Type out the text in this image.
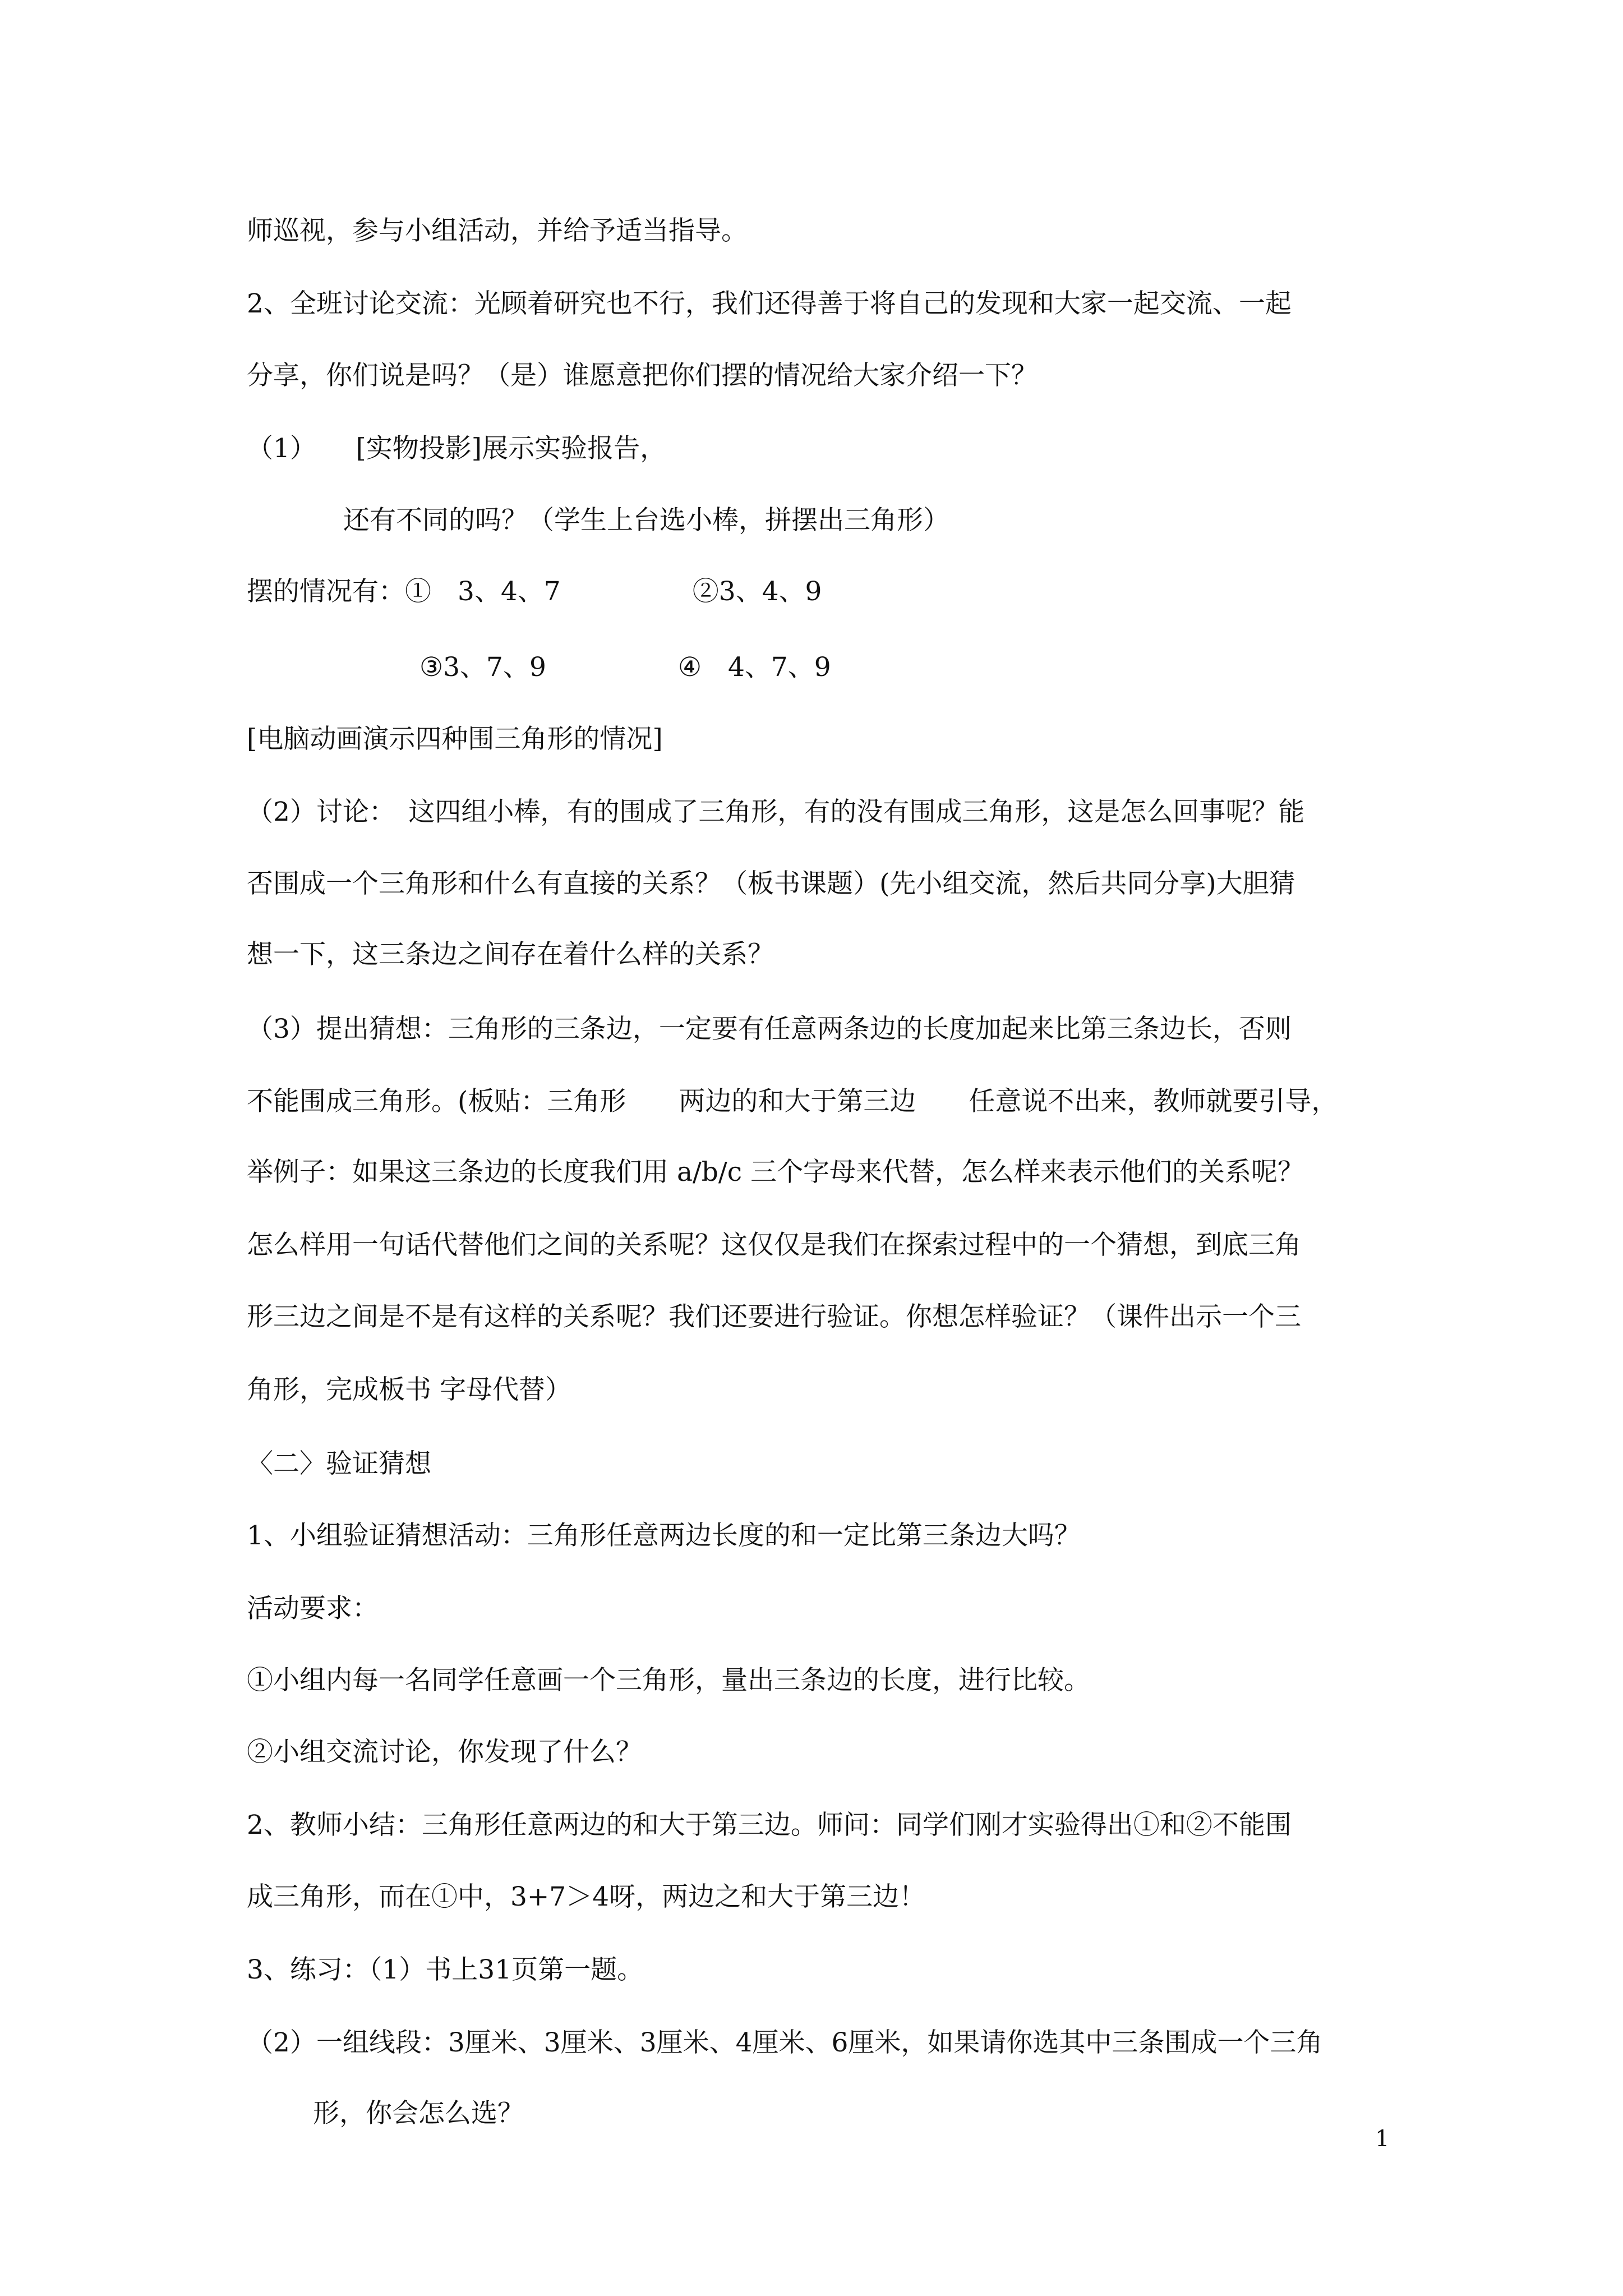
师巡视，参与小组活动，并给予适当指导。
2、全班讨论交流：光顾着研究也不行，我们还得善于将自己的发现和大家一起交流、一起
分享，你们说是吗？（是）谁愿意把你们摆的情况给大家介绍一下？
（1）　　[实物投影]展示实验报告，
还有不同的吗？（学生上台选小棒，拼摆出三角形）
摆的情况有：①　3、4、7　　　　　②3、4、9
③3、7、9　　　　　④　4、7、9
[电脑动画演示四种围三角形的情况]
（2）讨论：　这四组小棒，有的围成了三角形，有的没有围成三角形，这是怎么回事呢？能
否围成一个三角形和什么有直接的关系？（板书课题）(先小组交流，然后共同分享)大胆猜
想一下，这三条边之间存在着什么样的关系？
（3）提出猜想：三角形的三条边，一定要有任意两条边的长度加起来比第三条边长，否则
不能围成三角形。(板贴：三角形　　两边的和大于第三边　　任意说不出来，教师就要引导，
举例子：如果这三条边的长度我们用 a/b/c 三个字母来代替，怎么样来表示他们的关系呢？
怎么样用一句话代替他们之间的关系呢？这仅仅是我们在探索过程中的一个猜想，到底三角
形三边之间是不是有这样的关系呢？我们还要进行验证。你想怎样验证？（课件出示一个三
角形，完成板书 字母代替）
〈二〉验证猜想
1、小组验证猜想活动：三角形任意两边长度的和一定比第三条边大吗？
活动要求：
①小组内每一名同学任意画一个三角形，量出三条边的长度，进行比较。
②小组交流讨论，你发现了什么？
2、教师小结：三角形任意两边的和大于第三边。师问：同学们刚才实验得出①和②不能围
成三角形，而在①中，3+7＞4呀，两边之和大于第三边！
3、练习：（1）书上31页第一题。
（2）一组线段：3厘米、3厘米、3厘米、4厘米、6厘米，如果请你选其中三条围成一个三角
形，你会怎么选？
1
